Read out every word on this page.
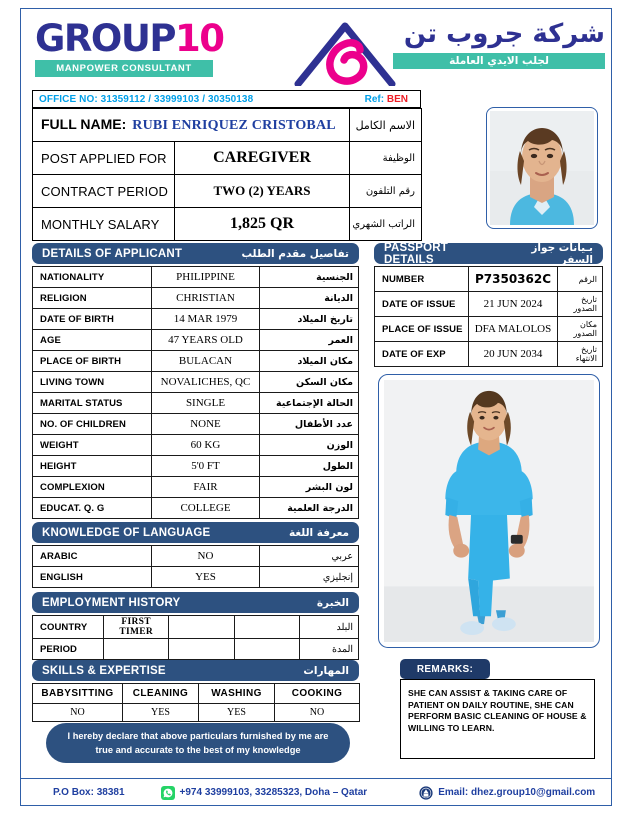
GROUP10
MANPOWER CONSULTANT
شركة جروب تن
لجلب الايدي العاملة
OFFICE NO: 31359112 / 33999103 / 30350138	Ref: BEN
FULL NAME: RUBI ENRIQUEZ CRISTOBAL		الاسم الكامل
POST APPLIED FOR	CAREGIVER	الوظيفة
CONTRACT PERIOD	TWO (2) YEARS	رقم التلفون
MONTHLY SALARY	1,825 QR	الراتب الشهري
DETAILS OF APPLICANT	تفاصيل مقدم الطلب
NATIONALITY	PHILIPPINE	الجنسية
RELIGION	CHRISTIAN	الديانة
DATE OF BIRTH	14 MAR 1979	تاريخ الميلاد
AGE	47 YEARS OLD	العمر
PLACE OF BIRTH	BULACAN	مكان الميلاد
LIVING TOWN	NOVALICHES, QC	مكان السكن
MARITAL STATUS	SINGLE	الحالة الإجتماعية
NO. OF CHILDREN	NONE	عدد الأطفال
WEIGHT	60 KG	الوزن
HEIGHT	5'0 FT	الطول
COMPLEXION	FAIR	لون البشر
EDUCAT. Q. G	COLLEGE	الدرجة العلمية
PASSPORT DETAILS
بـيانات جواز السفر
NUMBER	P7350362C	الرقم
DATE OF ISSUE	21 JUN 2024	تاريخ الصدور
PLACE OF ISSUE	DFA MALOLOS	مكان الصدور
DATE OF EXP	20 JUN 2034	تاريخ الانتهاء
KNOWLEDGE OF LANGUAGE	معرفة اللغة
ARABIC	NO	عربي
ENGLISH	YES	إنجليزي
EMPLOYMENT HISTORY	الخبرة
COUNTRY	FIRST TIMER			البلد
PERIOD				المدة
SKILLS & EXPERTISE	المهارات
BABYSITTING	CLEANING	WASHING	COOKING
NO	YES	YES	NO
I hereby declare that above particulars furnished by me are
true and accurate to the best of my knowledge
REMARKS:
SHE CAN ASSIST & TAKING CARE OF PATIENT ON DAILY ROUTINE, SHE CAN PERFORM BASIC CLEANING OF HOUSE & WILLING TO LEARN.
P.O Box: 38381	+974 33999103, 33285323, Doha – Qatar	Email: dhez.group10@gmail.com
